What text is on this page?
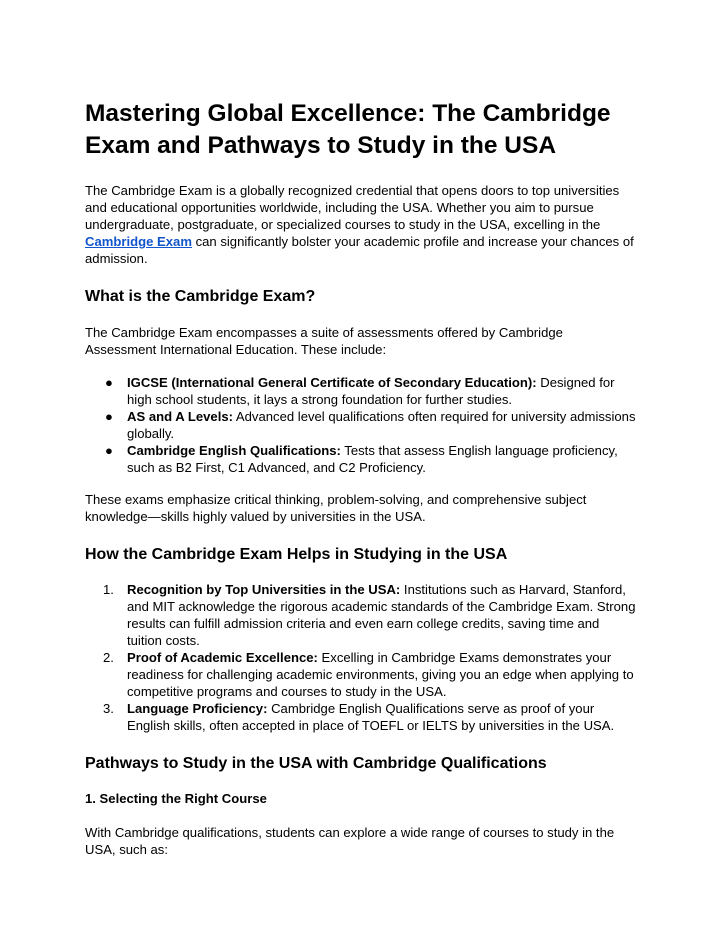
Mastering Global Excellence: The Cambridge Exam and Pathways to Study in the USA

The Cambridge Exam is a globally recognized credential that opens doors to top universities and educational opportunities worldwide, including the USA. Whether you aim to pursue undergraduate, postgraduate, or specialized courses to study in the USA, excelling in the Cambridge Exam can significantly bolster your academic profile and increase your chances of admission.

What is the Cambridge Exam?

The Cambridge Exam encompasses a suite of assessments offered by Cambridge Assessment International Education. These include:

● IGCSE (International General Certificate of Secondary Education): Designed for high school students, it lays a strong foundation for further studies.
● AS and A Levels: Advanced level qualifications often required for university admissions globally.
● Cambridge English Qualifications: Tests that assess English language proficiency, such as B2 First, C1 Advanced, and C2 Proficiency.

These exams emphasize critical thinking, problem-solving, and comprehensive subject knowledge—skills highly valued by universities in the USA.

How the Cambridge Exam Helps in Studying in the USA
1. Recognition by Top Universities in the USA: Institutions such as Harvard, Stanford, and MIT acknowledge the rigorous academic standards of the Cambridge Exam. Strong results can fulfill admission criteria and even earn college credits, saving time and tuition costs.
2. Proof of Academic Excellence: Excelling in Cambridge Exams demonstrates your readiness for challenging academic environments, giving you an edge when applying to competitive programs and courses to study in the USA.
3. Language Proficiency: Cambridge English Qualifications serve as proof of your English skills, often accepted in place of TOEFL or IELTS by universities in the USA.
Pathways to Study in the USA with Cambridge Qualifications
1. Selecting the Right Course

With Cambridge qualifications, students can explore a wide range of courses to study in the USA, such as:
